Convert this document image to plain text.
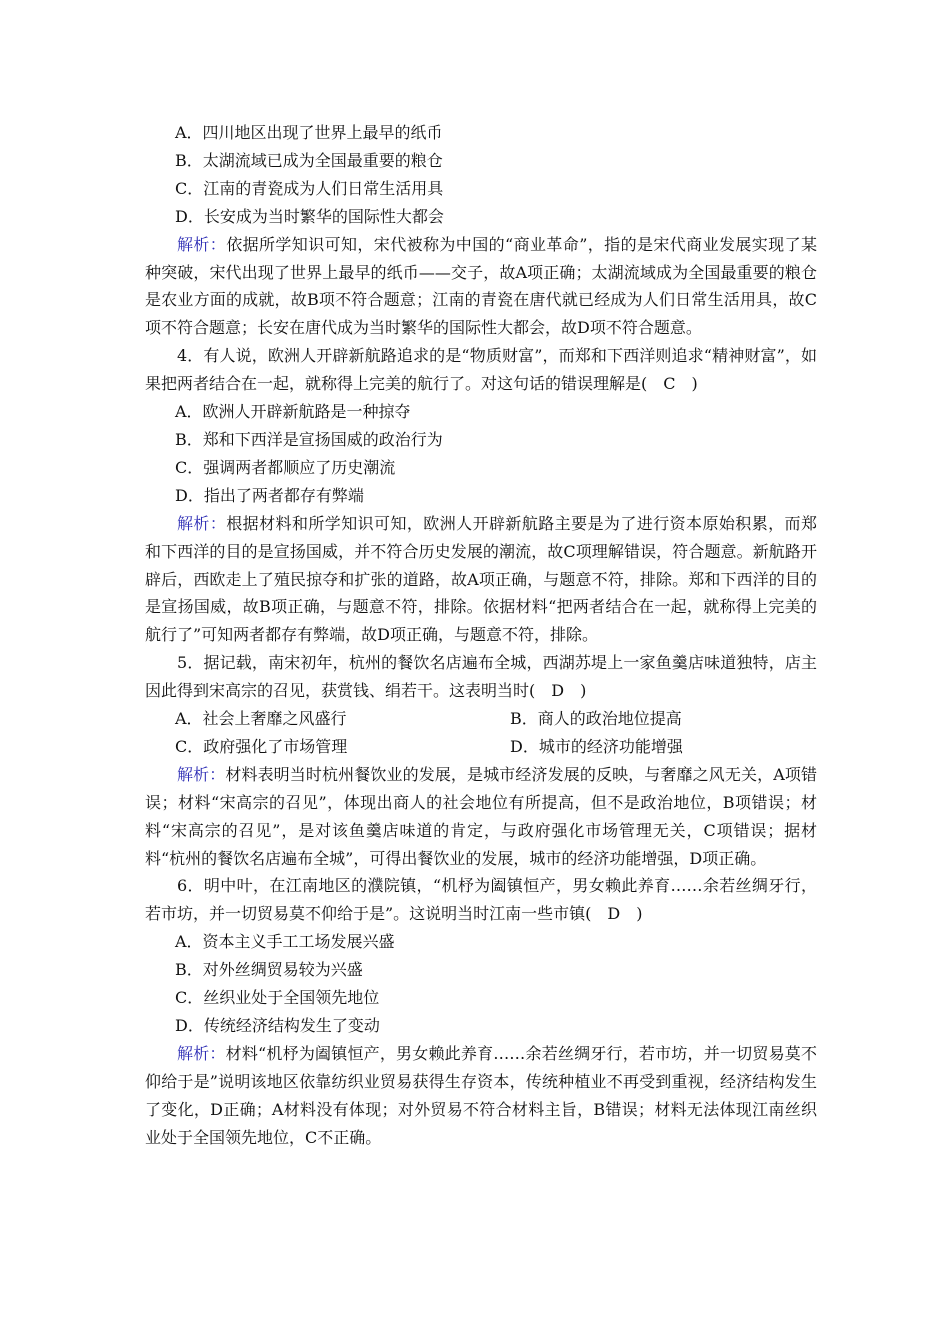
A．四川地区出现了世界上最早的纸币

B．太湖流域已成为全国最重要的粮仓

C．江南的青瓷成为人们日常生活用具

D．长安成为当时繁华的国际性大都会

解析：依据所学知识可知，宋代被称为中国的“商业革命”，指的是宋代商业发展实现了某种突破，宋代出现了世界上最早的纸币——交子，故A项正确；太湖流域成为全国最重要的粮仓是农业方面的成就，故B项不符合题意；江南的青瓷在唐代就已经成为人们日常生活用具，故C项不符合题意；长安在唐代成为当时繁华的国际性大都会，故D项不符合题意。

4．有人说，欧洲人开辟新航路追求的是“物质财富”，而郑和下西洋则追求“精神财富”，如果把两者结合在一起，就称得上完美的航行了。对这句话的错误理解是(　C　)

A．欧洲人开辟新航路是一种掠夺

B．郑和下西洋是宣扬国威的政治行为

C．强调两者都顺应了历史潮流

D．指出了两者都存有弊端

解析：根据材料和所学知识可知，欧洲人开辟新航路主要是为了进行资本原始积累，而郑和下西洋的目的是宣扬国威，并不符合历史发展的潮流，故C项理解错误，符合题意。新航路开辟后，西欧走上了殖民掠夺和扩张的道路，故A项正确，与题意不符，排除。郑和下西洋的目的是宣扬国威，故B项正确，与题意不符，排除。依据材料“把两者结合在一起，就称得上完美的航行了”可知两者都存有弊端，故D项正确，与题意不符，排除。

5．据记载，南宋初年，杭州的餐饮名店遍布全城，西湖苏堤上一家鱼羹店味道独特，店主因此得到宋高宗的召见，获赏钱、绢若干。这表明当时(　D　)

A．社会上奢靡之风盛行	B．商人的政治地位提高

C．政府强化了市场管理	D．城市的经济功能增强

解析：材料表明当时杭州餐饮业的发展，是城市经济发展的反映，与奢靡之风无关，A项错误；材料“宋高宗的召见”，体现出商人的社会地位有所提高，但不是政治地位，B项错误；材料“宋高宗的召见”，是对该鱼羹店味道的肯定，与政府强化市场管理无关，C项错误；据材料“杭州的餐饮名店遍布全城”，可得出餐饮业的发展，城市的经济功能增强，D项正确。

6．明中叶，在江南地区的濮院镇，“机杼为阖镇恒产，男女赖此养育……余若丝绸牙行，若市坊，并一切贸易莫不仰给于是”。这说明当时江南一些市镇(　D　)

A．资本主义手工工场发展兴盛

B．对外丝绸贸易较为兴盛

C．丝织业处于全国领先地位

D．传统经济结构发生了变动

解析：材料“机杼为阖镇恒产，男女赖此养育……余若丝绸牙行，若市坊，并一切贸易莫不仰给于是”说明该地区依靠纺织业贸易获得生存资本，传统种植业不再受到重视，经济结构发生了变化，D正确；A材料没有体现；对外贸易不符合材料主旨，B错误；材料无法体现江南丝织业处于全国领先地位，C不正确。
